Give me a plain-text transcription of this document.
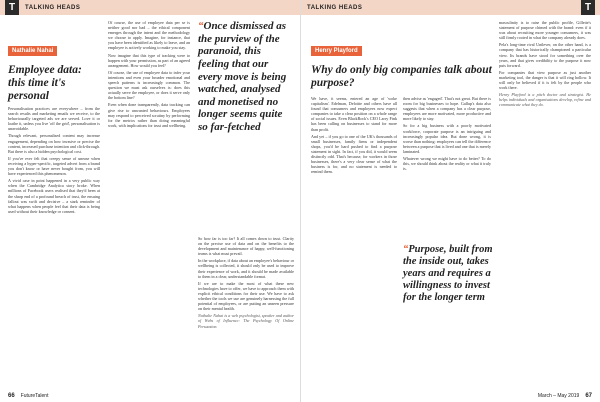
T	TALKING HEADS
Nathalie Nahai
Employee data: this time it's personal

Personalisation practices are everywhere – from the search results and marketing emails we receive, to the behaviourally targeted ads we are served. Love it or loathe it, unless you live 'off the grid', personalisation is unavoidable.

Though relevant, personalised content may increase engagement, depending on how invasive or precise the content, increased purchase intention and click-through. But there is also a hidden psychological cost.

If you've ever felt that creepy sense of unease when receiving a hyper-specific, targeted advert from a brand you don't know or have never bought from, you will have experienced this phenomenon.

A vivid case in point happened in a very public way when the Cambridge Analytica story broke. When millions of Facebook users realised that they'd been at the sharp end of a profound breach of trust, the ensuing fallout was swift and decisive – a stark reminder of what happens when people feel that their data is being used without their knowledge or consent.

Of course, the use of employee data per se is neither good nor bad – the ethical component emerges through the intent and the methodology we choose to apply. Imagine, for instance, that you have been identified as likely to leave, and an employee is actively working to make you stay.

Now imagine that this type of tracking were to happen with your permission, as part of an agreed arrangement. How would you feel?

Of course, the use of employee data to infer your intentions and even your broader emotional and speech patterns is increasingly common. The question we must ask ourselves is: does this actually serve the employee, or does it serve only the bottom line?

Even when done transparently, data tracking can give rise to unwanted behaviours. Employees may respond to perceived scrutiny by performing for the metrics rather than doing meaningful work, with implications for trust and wellbeing.

“Once dismissed as the purview of the paranoid, this feeling that our every move is being watched, analysed and monetised no longer seems quite so far-fetched

So how far is too far? It all comes down to trust. Clarity on the precise use of data and on the benefits to the development and maintenance of happy, well-functioning teams is what must prevail.

In the workplace, if data about an employee's behaviour or wellbeing is collected, it should only be used to improve their experience of work, and it should be made available to them in a clear, understandable format.

If we are to make the most of what these new technologies have to offer, we have to approach them with explicit ethical conditions for their use. We have to ask whether the tools we use are genuinely harnessing the full potential of employees, or are putting an unseen pressure on their mental health.

Nathalie Nahai is a web psychologist, speaker and author of Webs of Influence: The Psychology Of Online Persuasion.

66 FutureTalent
TALKING HEADS	T
Henry Playford
Why do only big companies talk about purpose?

We have, it seems, entered an age of 'woke capitalism'. Edelman, Deloitte and others have all found that consumers and employees now expect companies to take a clear position on a whole range of social issues. Even BlackRock's CEO Larry Fink has been calling on businesses to stand for more than profit.

And yet – if you go to one of the UK's thousands of small businesses, family firms or independent shops, you'd be hard pushed to find a purpose statement in sight. In fact, if you did, it would seem distinctly odd. That's because, for workers in those businesses, there's a very clear sense of what the business is for, and no statement is needed to remind them.

then advise as 'engaged'. That's not great. But there is room for big businesses to hope. Gallup's data also suggests that when a company has a clear purpose, employees are more motivated, more productive and more likely to stay.

So for a big business with a poorly motivated workforce, corporate purpose is an intriguing and increasingly popular idea. But done wrong, it is worse than nothing: employees can tell the difference between a purpose that is lived and one that is merely laminated.

Whatever wrong we might have to do better? To do this, we should think about the reality or what it truly is.

“Purpose, built from the inside out, takes years and requires a willingness to invest for the longer term

masculinity is to raise the public profile, Gillette's statement of purpose chimed with the brand: even if it was about recruiting more younger consumers, it was still firmly rooted in what the company already does.

Pela's long-time rival Unilever, on the other hand, is a company that has historically championed a particular view. Its brands have stood for something over the years, and that gives credibility to the purpose it now puts forward.

For companies that view purpose as just another marketing tool, the danger is that it will ring hollow. It will only be believed if it is felt by the people who work there.

Henry Playford is a pitch doctor and strategist. He helps individuals and organisations develop, refine and communicate what they do.

March – May 2019 67
